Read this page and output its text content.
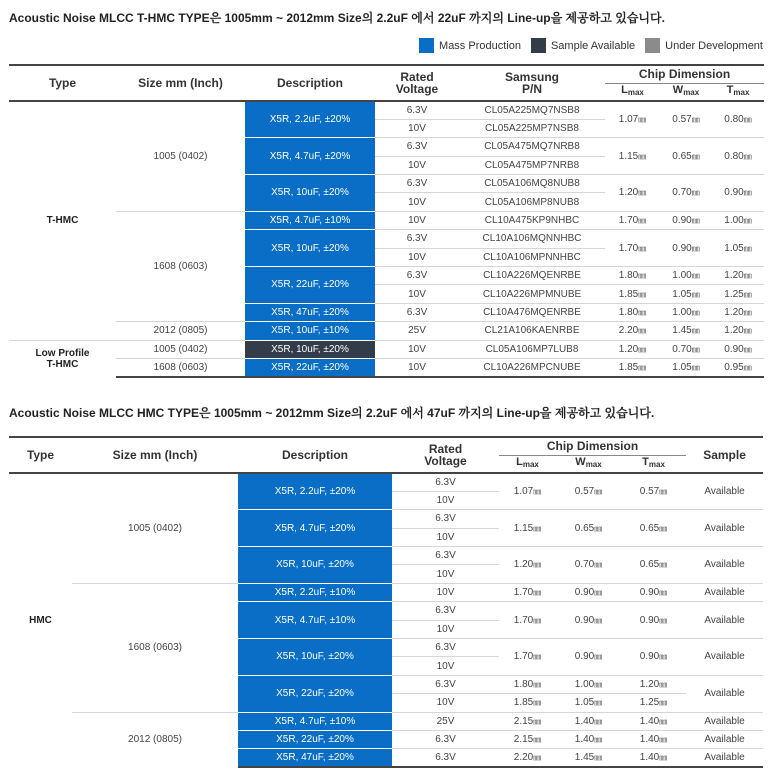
Acoustic Noise MLCC T-HMC TYPE은 1005mm ~ 2012mm Size의 2.2uF 에서 22uF 까지의 Line-up을 제공하고 있습니다.
Mass Production	Sample Available	Under Development
Type	Size mm (Inch)	Description	Rated
Voltage	Samsung
P/N	Chip Dimension		
					Lmax	Wmax	Tmax
T-HMC	1005 (0402)	X5R, 2.2uF, ±20%	6.3V	CL05A225MQ7NSB8	1.07㎜	0.57㎜	0.80㎜
			10V	CL05A225MP7NSB8			
		X5R, 4.7uF, ±20%	6.3V	CL05A475MQ7NRB8	1.15㎜	0.65㎜	0.80㎜
			10V	CL05A475MP7NRB8			
		X5R, 10uF, ±20%	6.3V	CL05A106MQ8NUB8	1.20㎜	0.70㎜	0.90㎜
			10V	CL05A106MP8NUB8			
	1608 (0603)	X5R, 4.7uF, ±10%	10V	CL10A475KP9NHBC	1.70㎜	0.90㎜	1.00㎜
		X5R, 10uF, ±20%	6.3V	CL10A106MQNNHBC	1.70㎜	0.90㎜	1.05㎜
			10V	CL10A106MPNNHBC			
		X5R, 22uF, ±20%	6.3V	CL10A226MQENRBE	1.80㎜	1.00㎜	1.20㎜
			10V	CL10A226MPMNUBE	1.85㎜	1.05㎜	1.25㎜
		X5R, 47uF, ±20%	6.3V	CL10A476MQENRBE	1.80㎜	1.00㎜	1.20㎜
	2012 (0805)	X5R, 10uF, ±10%	25V	CL21A106KAENRBE	2.20㎜	1.45㎜	1.20㎜
Low Profile
T-HMC	1005 (0402)	X5R, 10uF, ±20%	10V	CL05A106MP7LUB8	1.20㎜	0.70㎜	0.90㎜
	1608 (0603)	X5R, 22uF, ±20%	10V	CL10A226MPCNUBE	1.85㎜	1.05㎜	0.95㎜
Acoustic Noise MLCC HMC TYPE은 1005mm ~ 2012mm Size의 2.2uF 에서 47uF 까지의 Line-up을 제공하고 있습니다.
Type	Size mm (Inch)	Description	Rated
Voltage	Chip Dimension			Sample
				Lmax	Wmax	Tmax	
HMC	1005 (0402)	X5R, 2.2uF, ±20%	6.3V	1.07㎜	0.57㎜	0.57㎜	Available
			10V				
		X5R, 4.7uF, ±20%	6.3V	1.15㎜	0.65㎜	0.65㎜	Available
			10V				
		X5R, 10uF, ±20%	6.3V	1.20㎜	0.70㎜	0.65㎜	Available
			10V				
	1608 (0603)	X5R, 2.2uF, ±10%	10V	1.70㎜	0.90㎜	0.90㎜	Available
		X5R, 4.7uF, ±10%	6.3V	1.70㎜	0.90㎜	0.90㎜	Available
			10V				
		X5R, 10uF, ±20%	6.3V	1.70㎜	0.90㎜	0.90㎜	Available
			10V				
		X5R, 22uF, ±20%	6.3V	1.80㎜	1.00㎜	1.20㎜	Available
			10V	1.85㎜	1.05㎜	1.25㎜	
	2012 (0805)	X5R, 4.7uF, ±10%	25V	2.15㎜	1.40㎜	1.40㎜	Available
		X5R, 22uF, ±20%	6.3V	2.15㎜	1.40㎜	1.40㎜	Available
		X5R, 47uF, ±20%	6.3V	2.20㎜	1.45㎜	1.40㎜	Available
